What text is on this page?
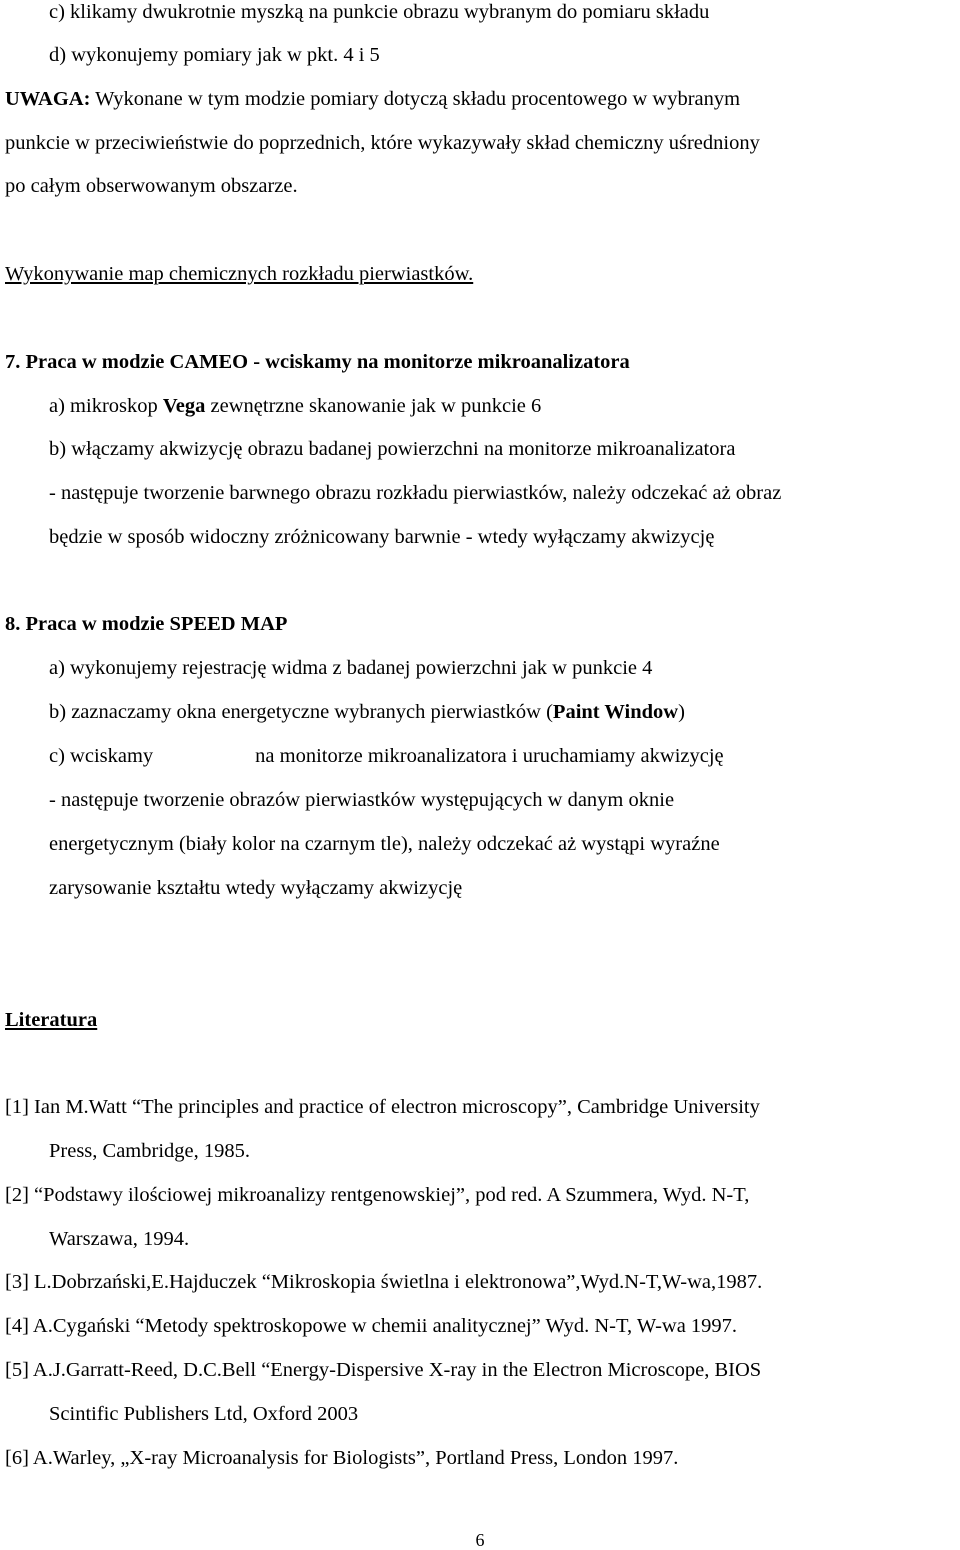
c) klikamy dwukrotnie myszką na punkcie obrazu wybranym do pomiaru składu
d) wykonujemy pomiary jak w pkt. 4 i 5
UWAGA: Wykonane w tym modzie pomiary dotyczą składu procentowego w wybranym
punkcie w przeciwieństwie do poprzednich, które wykazywały skład chemiczny uśredniony
po całym obserwowanym obszarze.
Wykonywanie map chemicznych rozkładu pierwiastków.
7. Praca w modzie CAMEO - wciskamy na monitorze mikroanalizatora
a) mikroskop Vega zewnętrzne skanowanie jak w punkcie 6
b) włączamy akwizycję obrazu badanej powierzchni na monitorze mikroanalizatora
- następuje tworzenie barwnego obrazu rozkładu pierwiastków, należy odczekać aż obraz
będzie w sposób widoczny zróżnicowany barwnie - wtedy wyłączamy akwizycję
8. Praca w modzie SPEED MAP
a) wykonujemy rejestrację widma z badanej powierzchni jak w punkcie 4
b) zaznaczamy okna energetyczne wybranych pierwiastków (Paint Window)
c) wciskamy	na monitorze mikroanalizatora i uruchamiamy akwizycję
- następuje tworzenie obrazów pierwiastków występujących w danym oknie
energetycznym (biały kolor na czarnym tle), należy odczekać aż wystąpi wyraźne
zarysowanie kształtu wtedy wyłączamy akwizycję
Literatura
[1] Ian M.Watt “The principles and practice of electron microscopy”, Cambridge University
Press, Cambridge, 1985.
[2] “Podstawy ilościowej mikroanalizy rentgenowskiej”, pod red. A Szummera, Wyd. N-T,
Warszawa, 1994.
[3] L.Dobrzański,E.Hajduczek “Mikroskopia świetlna i elektronowa”,Wyd.N-T,W-wa,1987.
[4] A.Cygański “Metody spektroskopowe w chemii analitycznej” Wyd. N-T, W-wa 1997.
[5] A.J.Garratt-Reed, D.C.Bell “Energy-Dispersive X-ray in the Electron Microscope, BIOS
Scintific Publishers Ltd, Oxford 2003
[6] A.Warley, „X-ray Microanalysis for Biologists”, Portland Press, London 1997.
6
